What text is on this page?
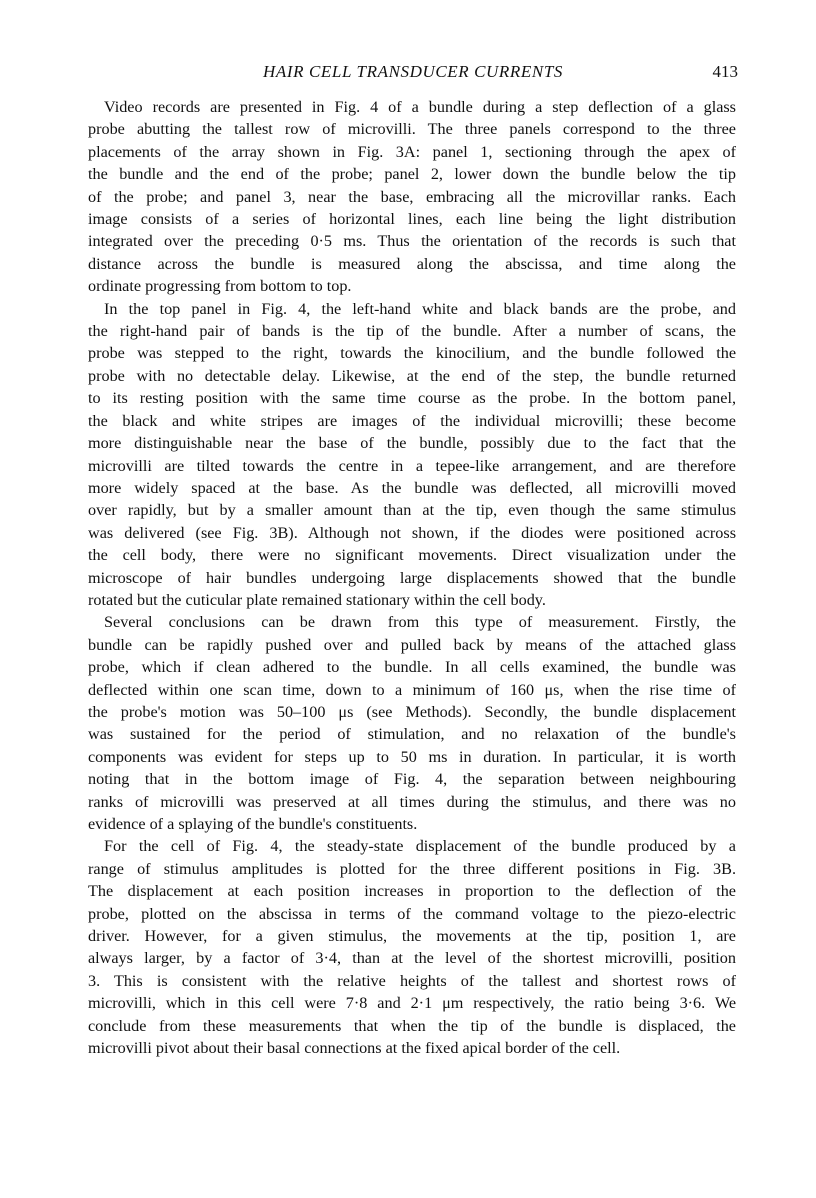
HAIR CELL TRANSDUCER CURRENTS	413

Video records are presented in Fig. 4 of a bundle during a step deflection of a glass
probe abutting the tallest row of microvilli. The three panels correspond to the three
placements of the array shown in Fig. 3A: panel 1, sectioning through the apex of
the bundle and the end of the probe; panel 2, lower down the bundle below the tip
of the probe; and panel 3, near the base, embracing all the microvillar ranks. Each
image consists of a series of horizontal lines, each line being the light distribution
integrated over the preceding 0·5 ms. Thus the orientation of the records is such that
distance across the bundle is measured along the abscissa, and time along the
ordinate progressing from bottom to top.

In the top panel in Fig. 4, the left-hand white and black bands are the probe, and
the right-hand pair of bands is the tip of the bundle. After a number of scans, the
probe was stepped to the right, towards the kinocilium, and the bundle followed the
probe with no detectable delay. Likewise, at the end of the step, the bundle returned
to its resting position with the same time course as the probe. In the bottom panel,
the black and white stripes are images of the individual microvilli; these become
more distinguishable near the base of the bundle, possibly due to the fact that the
microvilli are tilted towards the centre in a tepee-like arrangement, and are therefore
more widely spaced at the base. As the bundle was deflected, all microvilli moved
over rapidly, but by a smaller amount than at the tip, even though the same stimulus
was delivered (see Fig. 3B). Although not shown, if the diodes were positioned across
the cell body, there were no significant movements. Direct visualization under the
microscope of hair bundles undergoing large displacements showed that the bundle
rotated but the cuticular plate remained stationary within the cell body.

Several conclusions can be drawn from this type of measurement. Firstly, the
bundle can be rapidly pushed over and pulled back by means of the attached glass
probe, which if clean adhered to the bundle. In all cells examined, the bundle was
deflected within one scan time, down to a minimum of 160 μs, when the rise time of
the probe's motion was 50–100 μs (see Methods). Secondly, the bundle displacement
was sustained for the period of stimulation, and no relaxation of the bundle's
components was evident for steps up to 50 ms in duration. In particular, it is worth
noting that in the bottom image of Fig. 4, the separation between neighbouring
ranks of microvilli was preserved at all times during the stimulus, and there was no
evidence of a splaying of the bundle's constituents.

For the cell of Fig. 4, the steady-state displacement of the bundle produced by a
range of stimulus amplitudes is plotted for the three different positions in Fig. 3B.
The displacement at each position increases in proportion to the deflection of the
probe, plotted on the abscissa in terms of the command voltage to the piezo-electric
driver. However, for a given stimulus, the movements at the tip, position 1, are
always larger, by a factor of 3·4, than at the level of the shortest microvilli, position
3. This is consistent with the relative heights of the tallest and shortest rows of
microvilli, which in this cell were 7·8 and 2·1 μm respectively, the ratio being 3·6. We
conclude from these measurements that when the tip of the bundle is displaced, the
microvilli pivot about their basal connections at the fixed apical border of the cell.
